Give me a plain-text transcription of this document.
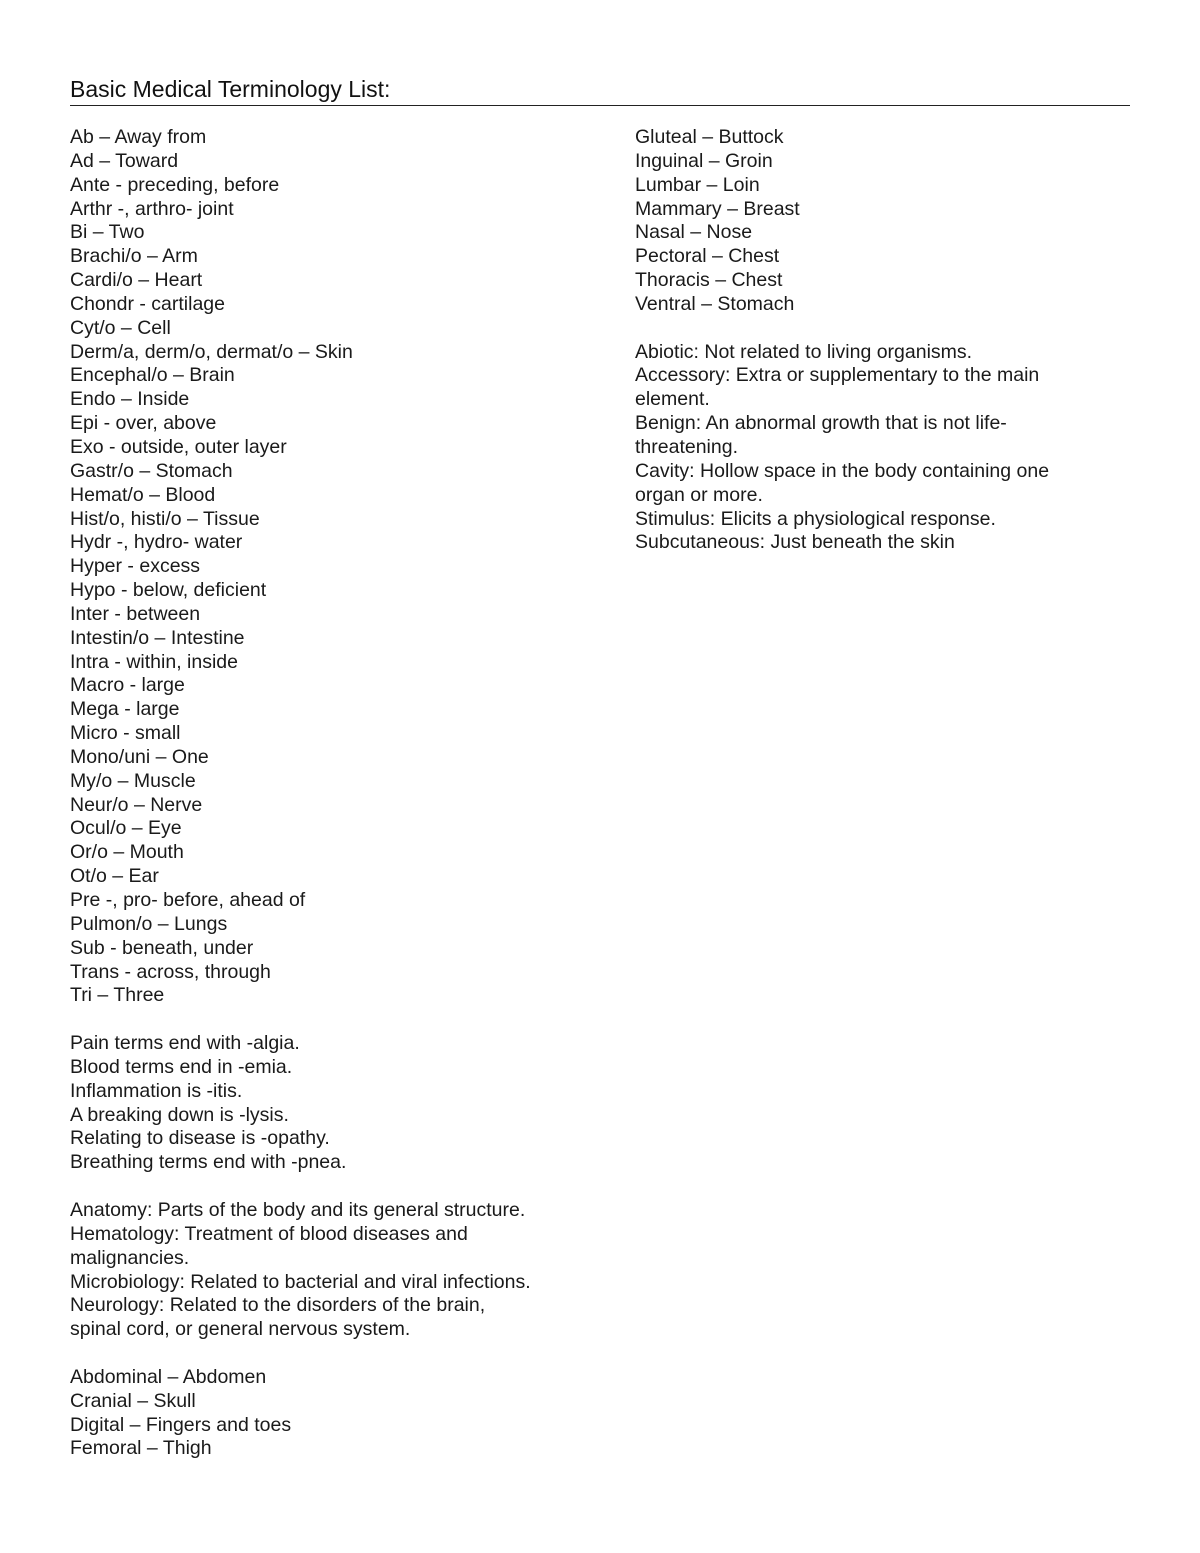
Basic Medical Terminology List:
Ab – Away from
Ad – Toward
Ante - preceding, before
Arthr -, arthro- joint
Bi – Two
Brachi/o – Arm
Cardi/o – Heart
Chondr - cartilage
Cyt/o – Cell
Derm/a, derm/o, dermat/o – Skin
Encephal/o – Brain
Endo – Inside
Epi - over, above
Exo - outside, outer layer
Gastr/o – Stomach
Hemat/o – Blood
Hist/o, histi/o – Tissue
Hydr -, hydro- water
Hyper - excess
Hypo - below, deficient
Inter - between
Intestin/o – Intestine
Intra - within, inside
Macro - large
Mega - large
Micro - small
Mono/uni – One
My/o – Muscle
Neur/o – Nerve
Ocul/o – Eye
Or/o – Mouth
Ot/o – Ear
Pre -, pro- before, ahead of
Pulmon/o – Lungs
Sub - beneath, under
Trans - across, through
Tri – Three
Pain terms end with -algia.
Blood terms end in -emia.
Inflammation is -itis.
A breaking down is -lysis.
Relating to disease is -opathy.
Breathing terms end with -pnea.
Anatomy: Parts of the body and its general structure.
Hematology: Treatment of blood diseases and
malignancies.
Microbiology: Related to bacterial and viral infections.
Neurology: Related to the disorders of the brain,
spinal cord, or general nervous system.
Abdominal – Abdomen
Cranial – Skull
Digital – Fingers and toes
Femoral – Thigh
Gluteal – Buttock
Inguinal – Groin
Lumbar – Loin
Mammary – Breast
Nasal – Nose
Pectoral – Chest
Thoracis – Chest
Ventral – Stomach
Abiotic: Not related to living organisms.
Accessory: Extra or supplementary to the main
element.
Benign: An abnormal growth that is not life-
threatening.
Cavity: Hollow space in the body containing one
organ or more.
Stimulus: Elicits a physiological response.
Subcutaneous: Just beneath the skin
